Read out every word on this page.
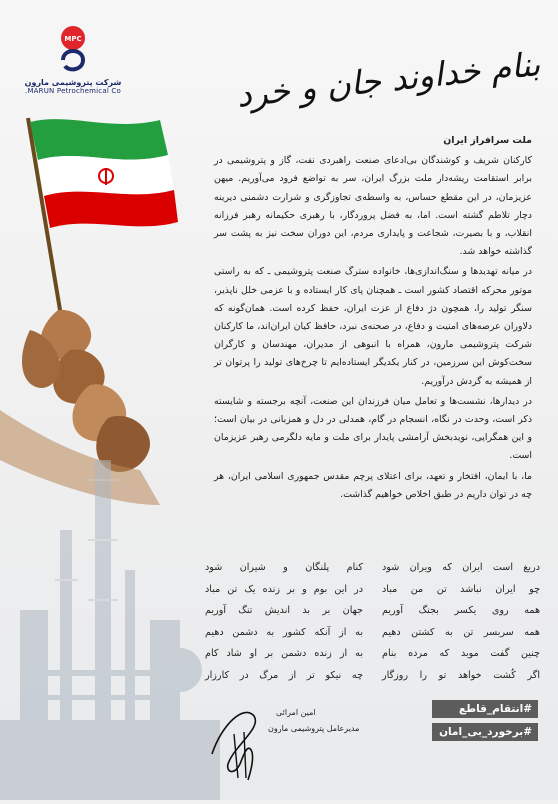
MPC
شرکت پتروشیمی مارون
MARUN Petrochemical Co.	بنام خداوند جان و خرد

ملت سرافراز ایران

کارکنان شریف و کوشندگان بی‌ادعای صنعت راهبردی نفت، گاز و پتروشیمی در برابر استقامت ریشه‌دار ملت بزرگ ایران، سر به تواضع فرود می‌آوریم. میهن عزیزمان، در این مقطع حساس، به واسطه‌ی تجاوزگری و شرارت دشمنی دیرینه دچار تلاطم گشته است. اما، به فضل پروردگار، با رهبری حکیمانه رهبر فرزانه انقلاب، و با بصیرت، شجاعت و پایداری مردم، این دوران سخت نیز به پشت سر گذاشته خواهد شد.

در میانه تهدیدها و سنگ‌اندازی‌ها، خانواده سترگ صنعت پتروشیمی ـ که به راستی موتور محرکه اقتصاد کشور است ـ همچنان پای کار ایستاده و با عزمی خلل ناپذیر، سنگر تولید را، همچون دژ دفاع از عزت ایران، حفظ کرده است. همان‌گونه که دلاوران عرصه‌های امنیت و دفاع، در صحنه‌ی نبرد، حافظ کیان ایران‌اند، ما کارکنان شرکت پتروشیمی مارون، همراه با انبوهی از مدیران، مهندسان و کارگران سخت‌کوش این سرزمین، در کنار یکدیگر ایستاده‌ایم تا چرخ‌های تولید را پرتوان تر از همیشه به گردش درآوریم.

در دیدارها، نشست‌ها و تعامل میان فرزندان این صنعت، آنچه برجسته و شایسته ذکر است، وحدت در نگاه، انسجام در گام، همدلی در دل و همزبانی در بیان است؛ و این همگرایی، نویدبخش آرامشی پایدار برای ملت و مایه دلگرمی رهبر عزیزمان است.

ما، با ایمان، افتخار و تعهد، برای اعتلای پرچم مقدس جمهوری اسلامی ایران، هر چه در توان داریم در طبق اخلاص خواهیم گذاشت.

دریغ است ایران که ویران شود
چو ایران نباشد تن من مباد
همه روی یکسر بجنگ آوریم
همه سربسر تن به کشتن دهیم
چنین گفت موبد که مرده بنام
اگر کُشت خواهد تو را روزگار
کنام پلنگان و شیران شود
در این بوم و بر زنده یک تن مباد
جهان بر بد اندیش تنگ آوریم
به از آنکه کشور به دشمن دهیم
به از زنده دشمن بر او شاد کام
چه نیکو تر از مرگ در کارزار
امین امرائی
مدیرعامل پتروشیمی مارون
#انتقام_قاطع
#برخورد_بی_امان
